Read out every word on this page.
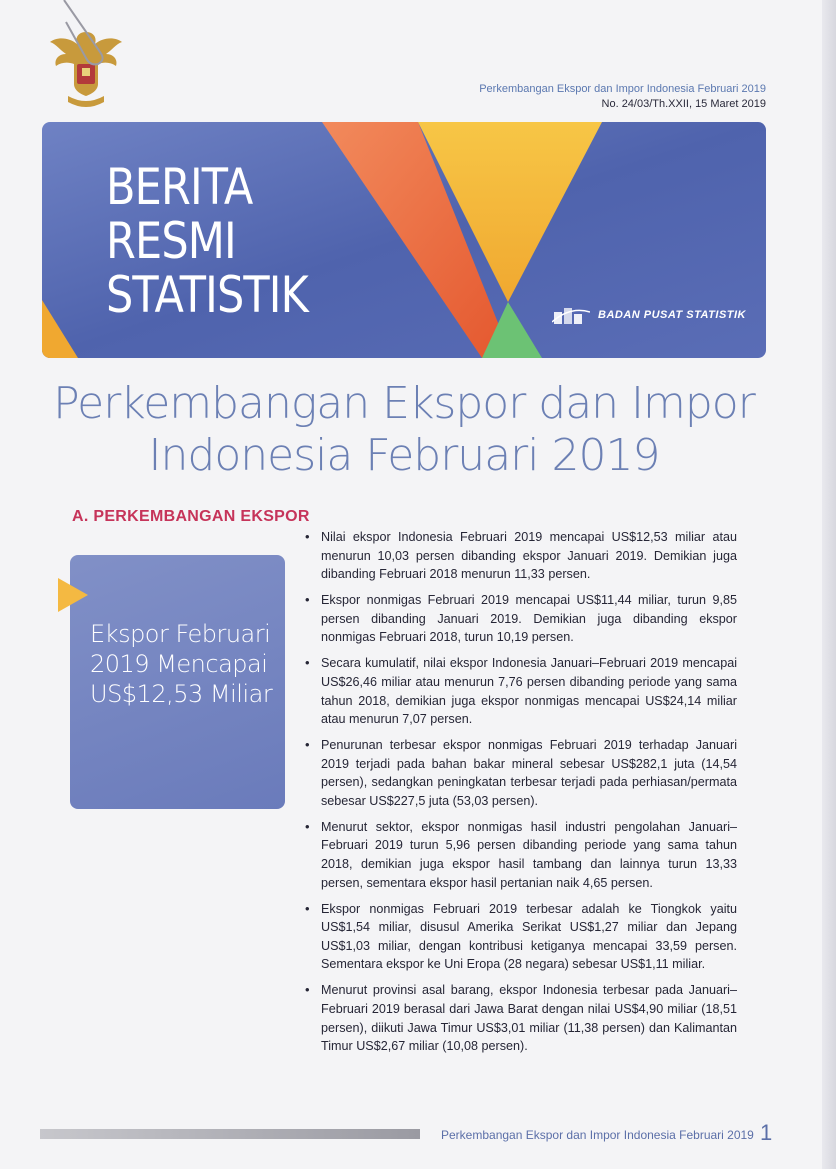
Perkembangan Ekspor dan Impor Indonesia Februari 2019
No. 24/03/Th.XXII, 15 Maret 2019
BERITA
RESMI
STATISTIK	BADAN PUSAT STATISTIK
Perkembangan Ekspor dan Impor
Indonesia Februari 2019
A. PERKEMBANGAN EKSPOR
Ekspor Februari 2019 Mencapai US$12,53 Miliar
• Nilai ekspor Indonesia Februari 2019 mencapai US$12,53 miliar atau menurun 10,03 persen dibanding ekspor Januari 2019. Demikian juga dibanding Februari 2018 menurun 11,33 persen.
• Ekspor nonmigas Februari 2019 mencapai US$11,44 miliar, turun 9,85 persen dibanding Januari 2019. Demikian juga dibanding ekspor nonmigas Februari 2018, turun 10,19 persen.
• Secara kumulatif, nilai ekspor Indonesia Januari–Februari 2019 mencapai US$26,46 miliar atau menurun 7,76 persen dibanding periode yang sama tahun 2018, demikian juga ekspor nonmigas mencapai US$24,14 miliar atau menurun 7,07 persen.
• Penurunan terbesar ekspor nonmigas Februari 2019 terhadap Januari 2019 terjadi pada bahan bakar mineral sebesar US$282,1 juta (14,54 persen), sedangkan peningkatan terbesar terjadi pada perhiasan/permata sebesar US$227,5 juta (53,03 persen).
• Menurut sektor, ekspor nonmigas hasil industri pengolahan Januari–Februari 2019 turun 5,96 persen dibanding periode yang sama tahun 2018, demikian juga ekspor hasil tambang dan lainnya turun 13,33 persen, sementara ekspor hasil pertanian naik 4,65 persen.
• Ekspor nonmigas Februari 2019 terbesar adalah ke Tiongkok yaitu US$1,54 miliar, disusul Amerika Serikat US$1,27 miliar dan Jepang US$1,03 miliar, dengan kontribusi ketiganya mencapai 33,59 persen. Sementara ekspor ke Uni Eropa (28 negara) sebesar US$1,11 miliar.
• Menurut provinsi asal barang, ekspor Indonesia terbesar pada Januari–Februari 2019 berasal dari Jawa Barat dengan nilai US$4,90 miliar (18,51 persen), diikuti Jawa Timur US$3,01 miliar (11,38 persen) dan Kalimantan Timur US$2,67 miliar (10,08 persen).
Perkembangan Ekspor dan Impor Indonesia Februari 2019 1
